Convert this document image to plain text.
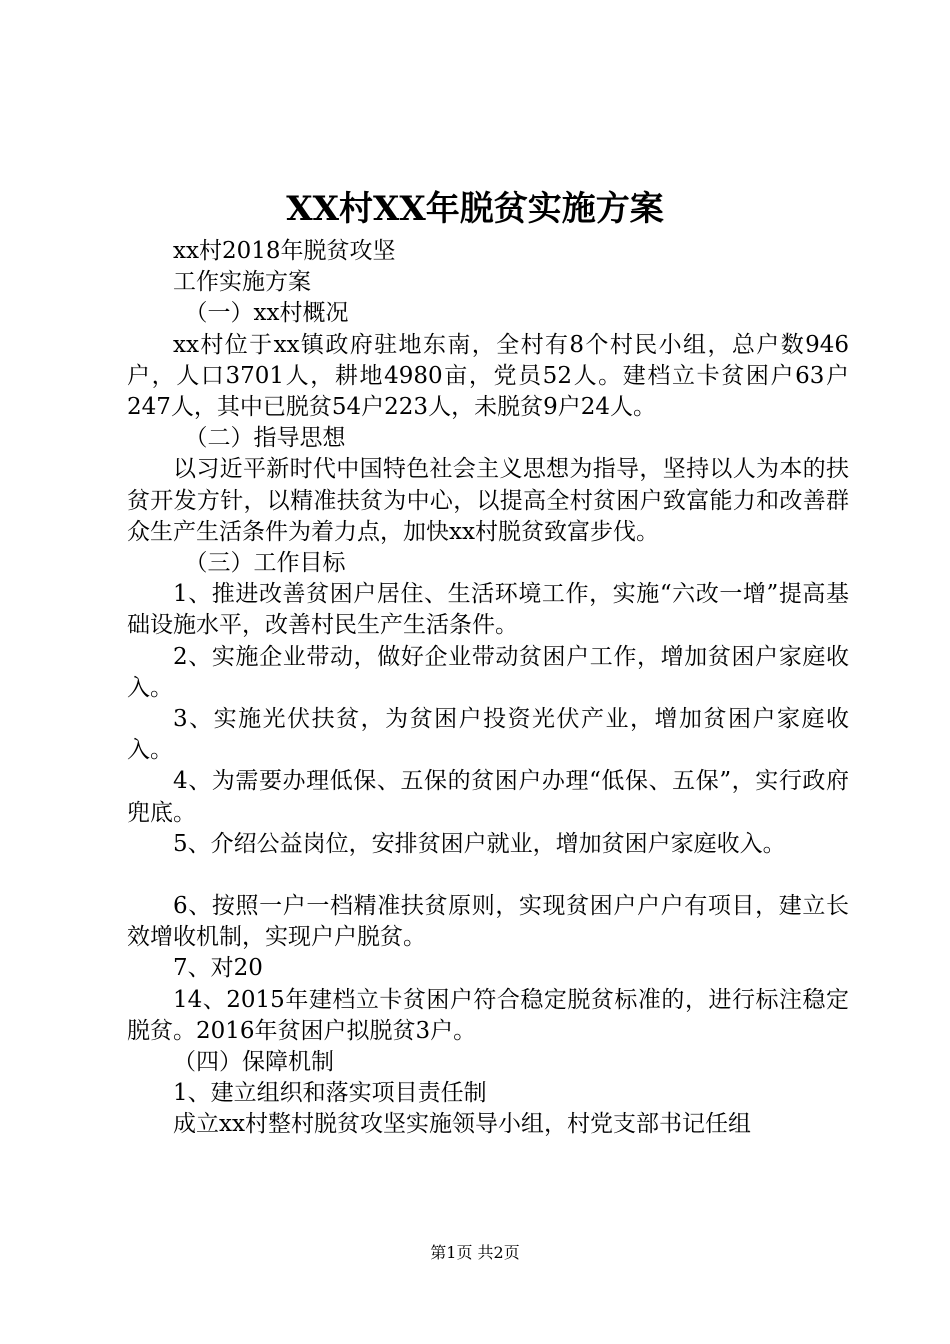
XX村XX年脱贫实施方案

xx村2018年脱贫攻坚

工作实施方案

（一）xx村概况

xx村位于xx镇政府驻地东南，全村有8个村民小组，总户数946户，人口3701人，耕地4980亩，党员52人。建档立卡贫困户63户247人，其中已脱贫54户223人，未脱贫9户24人。

（二）指导思想

以习近平新时代中国特色社会主义思想为指导，坚持以人为本的扶贫开发方针，以精准扶贫为中心，以提高全村贫困户致富能力和改善群众生产生活条件为着力点，加快xx村脱贫致富步伐。

（三）工作目标

1、推进改善贫困户居住、生活环境工作，实施“六改一增”提高基础设施水平，改善村民生产生活条件。

2、实施企业带动，做好企业带动贫困户工作，增加贫困户家庭收入。

3、实施光伏扶贫，为贫困户投资光伏产业，增加贫困户家庭收入。

4、为需要办理低保、五保的贫困户办理“低保、五保”，实行政府兜底。

5、介绍公益岗位，安排贫困户就业，增加贫困户家庭收入。

6、按照一户一档精准扶贫原则，实现贫困户户户有项目，建立长效增收机制，实现户户脱贫。

7、对20

14、2015年建档立卡贫困户符合稳定脱贫标准的，进行标注稳定脱贫。2016年贫困户拟脱贫3户。

（四）保障机制

1、建立组织和落实项目责任制

成立xx村整村脱贫攻坚实施领导小组，村党支部书记任组

第1页 共2页
